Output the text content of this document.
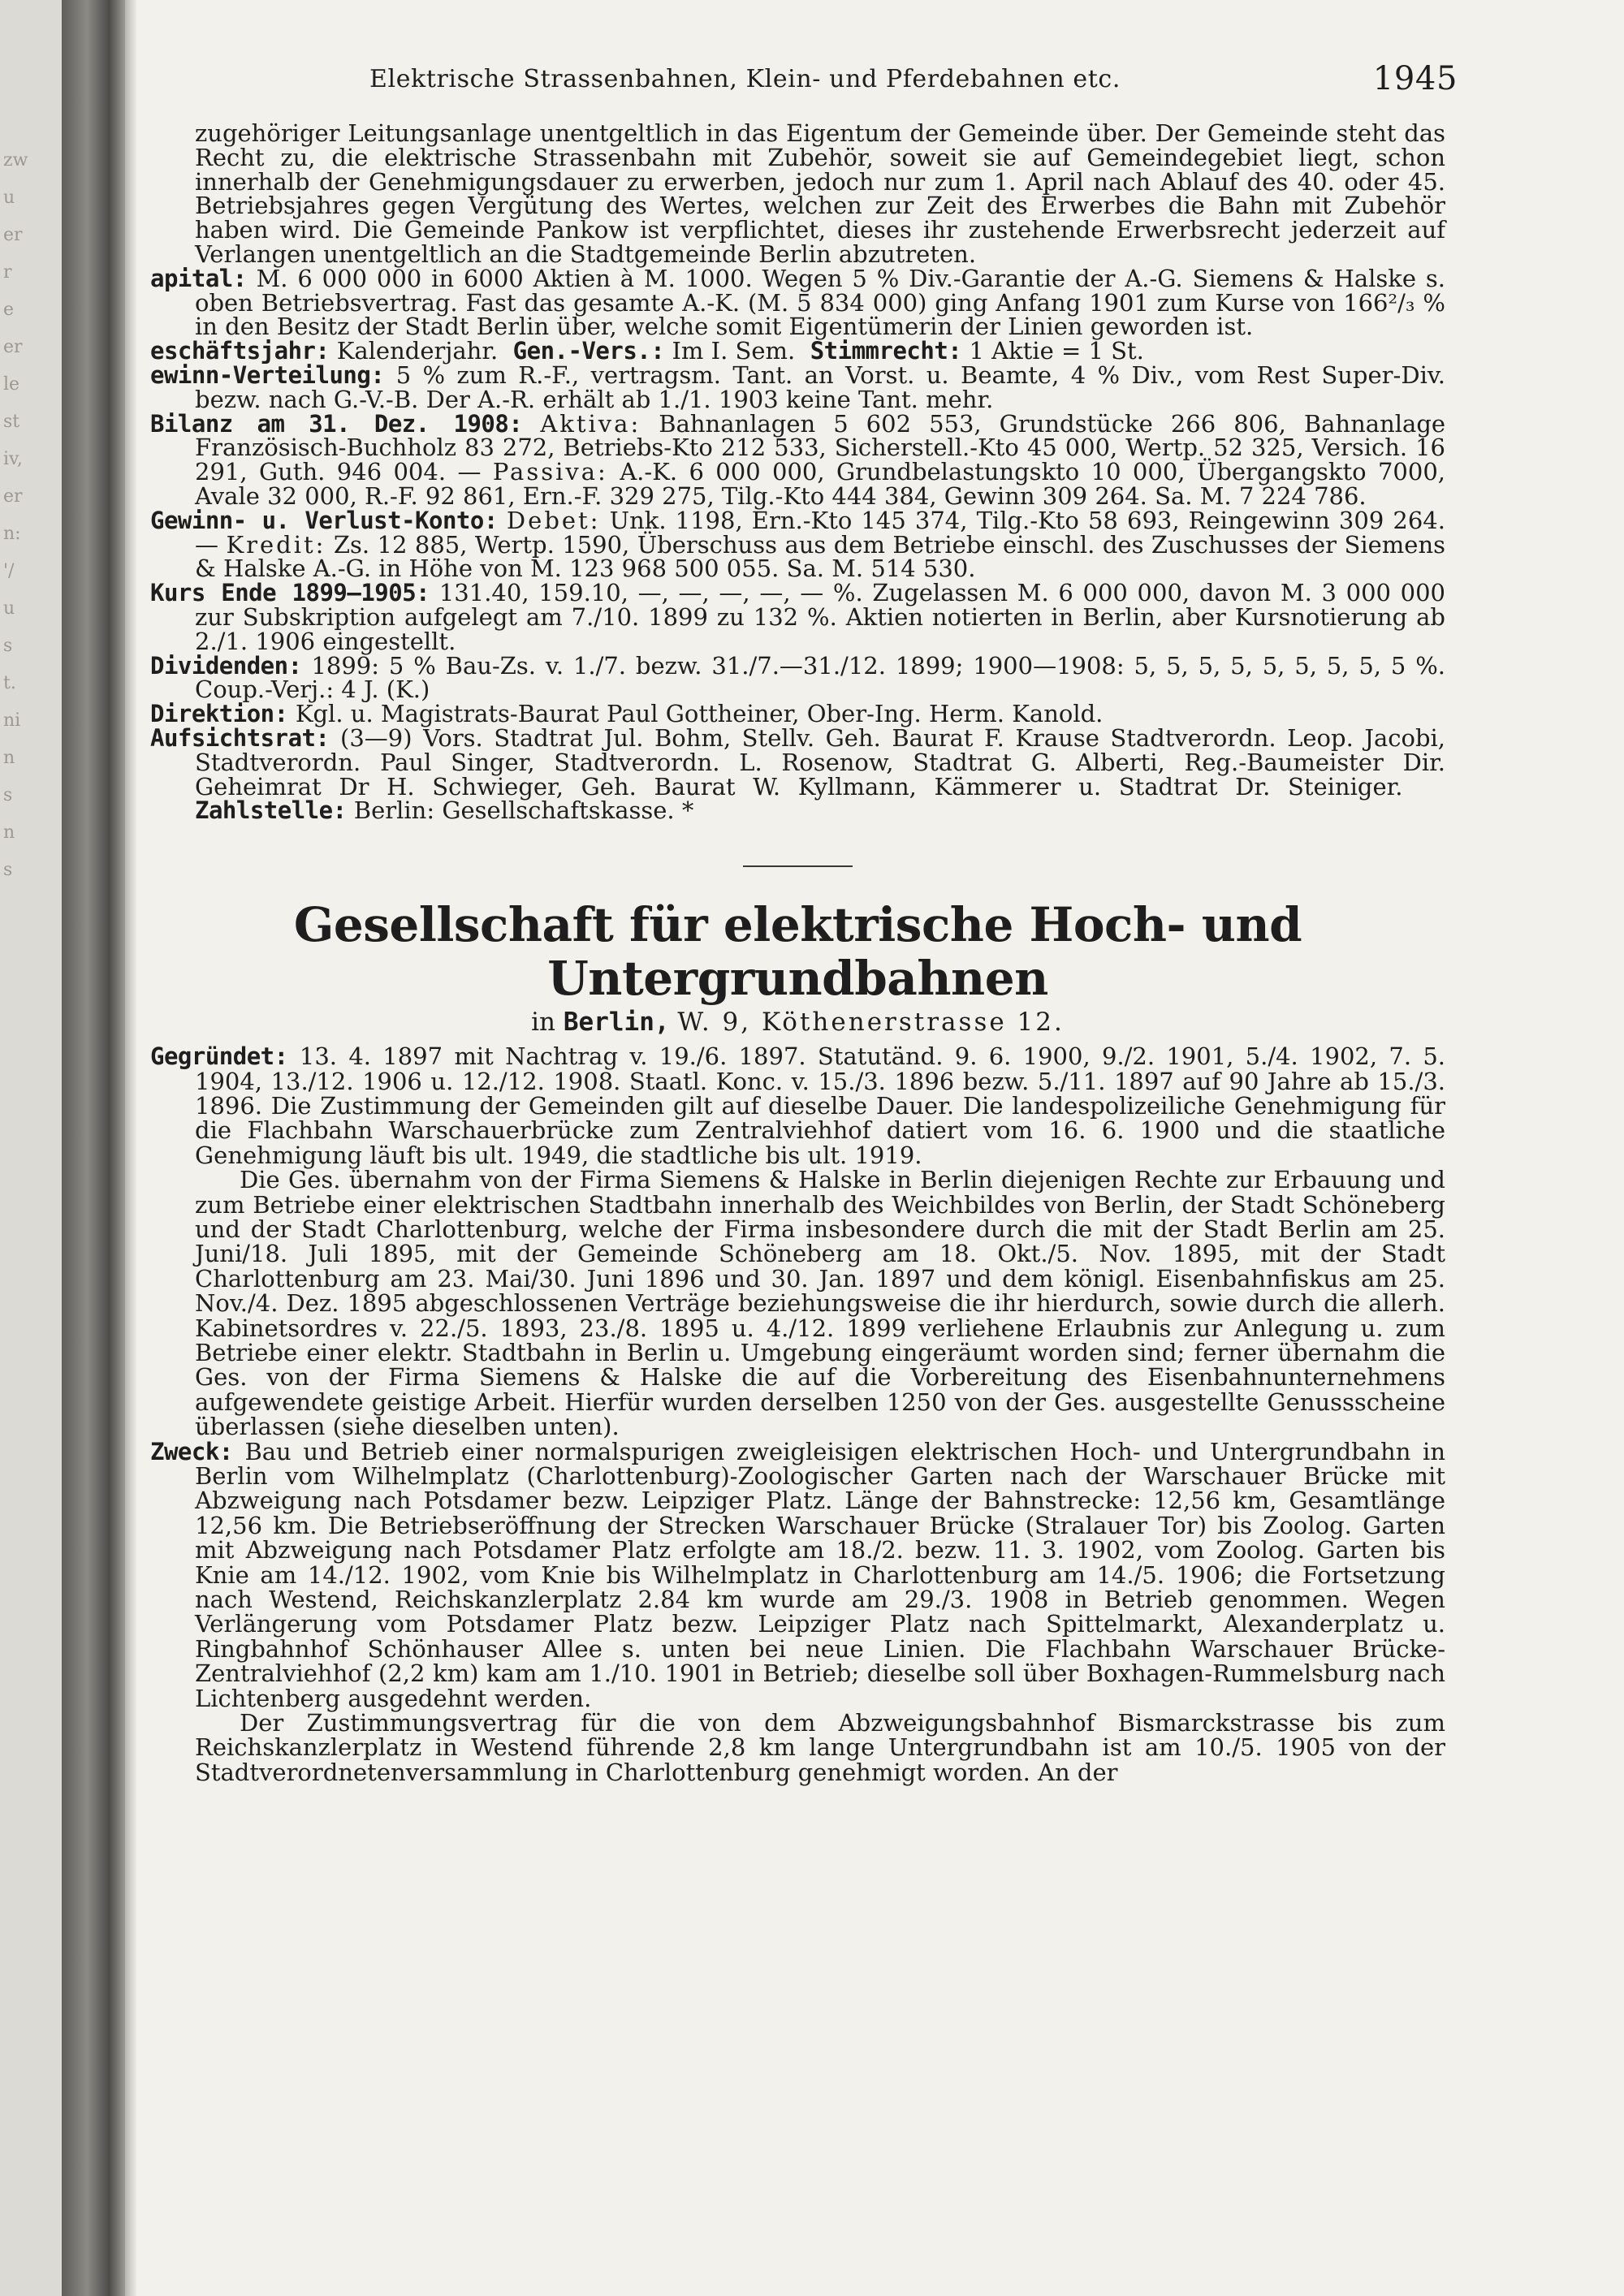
zw
u
er
r
e
er
le
st
iv,
er
n:
'/
u
s
t.
ni
n
s
n
s
Elektrische Strassenbahnen, Klein- und Pferdebahnen etc.	1945

zugehöriger Leitungsanlage unentgeltlich in das Eigentum der Gemeinde über. Der Gemeinde steht das Recht zu, die elektrische Strassenbahn mit Zubehör, soweit sie auf Gemeindegebiet liegt, schon innerhalb der Genehmigungsdauer zu erwerben, jedoch nur zum 1. April nach Ablauf des 40. oder 45. Betriebsjahres gegen Vergütung des Wertes, welchen zur Zeit des Erwerbes die Bahn mit Zubehör haben wird. Die Gemeinde Pankow ist verpflichtet, dieses ihr zustehende Erwerbsrecht jederzeit auf Verlangen unentgeltlich an die Stadtgemeinde Berlin abzutreten.

apital: M. 6 000 000 in 6000 Aktien à M. 1000. Wegen 5 % Div.-Garantie der A.-G. Siemens & Halske s. oben Betriebsvertrag. Fast das gesamte A.-K. (M. 5 834 000) ging Anfang 1901 zum Kurse von 166²/₃ % in den Besitz der Stadt Berlin über, welche somit Eigentümerin der Linien geworden ist.

eschäftsjahr: Kalenderjahr. Gen.-Vers.: Im I. Sem. Stimmrecht: 1 Aktie = 1 St.

ewinn-Verteilung: 5 % zum R.-F., vertragsm. Tant. an Vorst. u. Beamte, 4 % Div., vom Rest Super-Div. bezw. nach G.-V.-B. Der A.-R. erhält ab 1./1. 1903 keine Tant. mehr.

Bilanz am 31. Dez. 1908: Aktiva: Bahnanlagen 5 602 553, Grundstücke 266 806, Bahnanlage Französisch-Buchholz 83 272, Betriebs-Kto 212 533, Sicherstell.-Kto 45 000, Wertp. 52 325, Versich. 16 291, Guth. 946 004. — Passiva: A.-K. 6 000 000, Grundbelastungskto 10 000, Übergangskto 7000, Avale 32 000, R.-F. 92 861, Ern.-F. 329 275, Tilg.-Kto 444 384, Gewinn 309 264. Sa. M. 7 224 786.

Gewinn- u. Verlust-Konto: Debet: Unk. 1198, Ern.-Kto 145 374, Tilg.-Kto 58 693, Reingewinn 309 264. — Kredit: Zs. 12 885, Wertp. 1590, Überschuss aus dem Betriebe einschl. des Zuschusses der Siemens & Halske A.-G. in Höhe von M. 123 968 500 055. Sa. M. 514 530.

Kurs Ende 1899—1905: 131.40, 159.10, —, —, —, —, — %. Zugelassen M. 6 000 000, davon M. 3 000 000 zur Subskription aufgelegt am 7./10. 1899 zu 132 %. Aktien notierten in Berlin, aber Kursnotierung ab 2./1. 1906 eingestellt.

Dividenden: 1899: 5 % Bau-Zs. v. 1./7. bezw. 31./7.—31./12. 1899; 1900—1908: 5, 5, 5, 5, 5, 5, 5, 5, 5 %. Coup.-Verj.: 4 J. (K.)

Direktion: Kgl. u. Magistrats-Baurat Paul Gottheiner, Ober-Ing. Herm. Kanold.

Aufsichtsrat: (3—9) Vors. Stadtrat Jul. Bohm, Stellv. Geh. Baurat F. Krause Stadtverordn. Leop. Jacobi, Stadtverordn. Paul Singer, Stadtverordn. L. Rosenow, Stadtrat G. Alberti, Reg.-Baumeister Dir. Geheimrat Dr H. Schwieger, Geh. Baurat W. Kyllmann, Kämmerer u. Stadtrat Dr. Steiniger.    Zahlstelle: Berlin: Gesellschaftskasse. *

Gesellschaft für elektrische Hoch- und Untergrundbahnen
in Berlin, W. 9, Köthenerstrasse 12.

Gegründet: 13. 4. 1897 mit Nachtrag v. 19./6. 1897. Statutänd. 9. 6. 1900, 9./2. 1901, 5./4. 1902, 7. 5. 1904, 13./12. 1906 u. 12./12. 1908. Staatl. Konc. v. 15./3. 1896 bezw. 5./11. 1897 auf 90 Jahre ab 15./3. 1896. Die Zustimmung der Gemeinden gilt auf dieselbe Dauer. Die landespolizeiliche Genehmigung für die Flachbahn Warschauerbrücke zum Zentralviehhof datiert vom 16. 6. 1900 und die staatliche Genehmigung läuft bis ult. 1949, die stadtliche bis ult. 1919.

Die Ges. übernahm von der Firma Siemens & Halske in Berlin diejenigen Rechte zur Erbauung und zum Betriebe einer elektrischen Stadtbahn innerhalb des Weichbildes von Berlin, der Stadt Schöneberg und der Stadt Charlottenburg, welche der Firma insbesondere durch die mit der Stadt Berlin am 25. Juni/18. Juli 1895, mit der Gemeinde Schöneberg am 18. Okt./5. Nov. 1895, mit der Stadt Charlottenburg am 23. Mai/30. Juni 1896 und 30. Jan. 1897 und dem königl. Eisenbahnfiskus am 25. Nov./4. Dez. 1895 abgeschlossenen Verträge beziehungsweise die ihr hierdurch, sowie durch die allerh. Kabinetsordres v. 22./5. 1893, 23./8. 1895 u. 4./12. 1899 verliehene Erlaubnis zur Anlegung u. zum Betriebe einer elektr. Stadtbahn in Berlin u. Umgebung eingeräumt worden sind; ferner übernahm die Ges. von der Firma Siemens & Halske die auf die Vorbereitung des Eisenbahnunternehmens aufgewendete geistige Arbeit. Hierfür wurden derselben 1250 von der Ges. ausgestellte Genussscheine überlassen (siehe dieselben unten).

Zweck: Bau und Betrieb einer normalspurigen zweigleisigen elektrischen Hoch- und Untergrundbahn in Berlin vom Wilhelmplatz (Charlottenburg)-Zoologischer Garten nach der Warschauer Brücke mit Abzweigung nach Potsdamer bezw. Leipziger Platz. Länge der Bahnstrecke: 12,56 km, Gesamtlänge 12,56 km. Die Betriebseröffnung der Strecken Warschauer Brücke (Stralauer Tor) bis Zoolog. Garten mit Abzweigung nach Potsdamer Platz erfolgte am 18./2. bezw. 11. 3. 1902, vom Zoolog. Garten bis Knie am 14./12. 1902, vom Knie bis Wilhelmplatz in Charlottenburg am 14./5. 1906; die Fortsetzung nach Westend, Reichskanzlerplatz 2.84 km wurde am 29./3. 1908 in Betrieb genommen. Wegen Verlängerung vom Potsdamer Platz bezw. Leipziger Platz nach Spittelmarkt, Alexanderplatz u. Ringbahnhof Schönhauser Allee s. unten bei neue Linien. Die Flachbahn Warschauer Brücke-Zentralviehhof (2,2 km) kam am 1./10. 1901 in Betrieb; dieselbe soll über Boxhagen-Rummelsburg nach Lichtenberg ausgedehnt werden.

Der Zustimmungsvertrag für die von dem Abzweigungsbahnhof Bismarckstrasse bis zum Reichskanzlerplatz in Westend führende 2,8 km lange Untergrundbahn ist am 10./5. 1905 von der Stadtverordnetenversammlung in Charlottenburg genehmigt worden. An der
